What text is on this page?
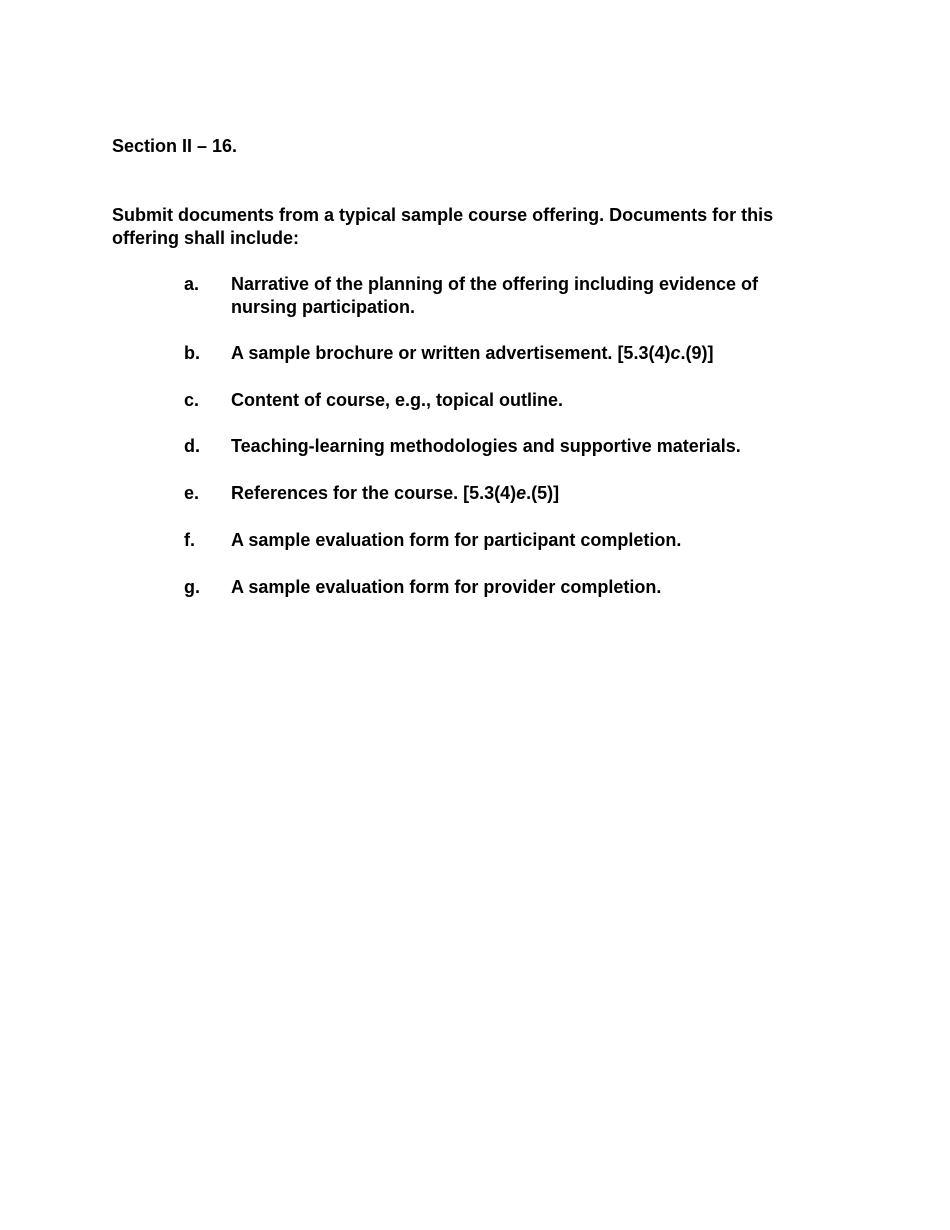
Section II – 16.

Submit documents from a typical sample course offering. Documents for this offering shall include:

a.	Narrative of the planning of the offering including evidence of nursing participation.
b.	A sample brochure or written advertisement. [5.3(4)c.(9)]
c.	Content of course, e.g., topical outline.
d.	Teaching-learning methodologies and supportive materials.
e.	References for the course. [5.3(4)e.(5)]
f.	A sample evaluation form for participant completion.
g.	A sample evaluation form for provider completion.
